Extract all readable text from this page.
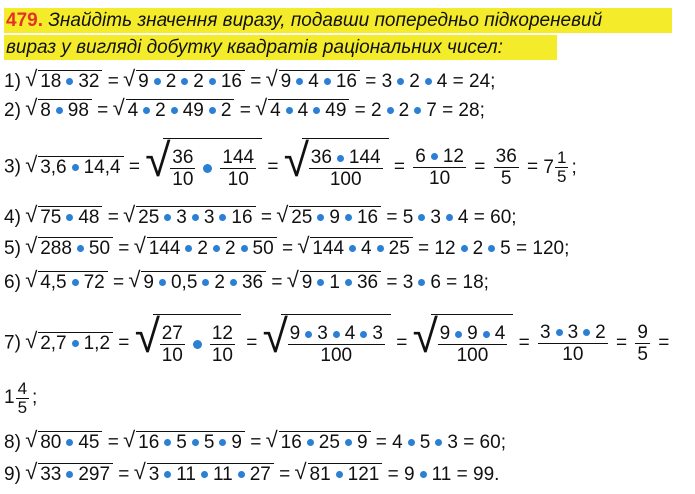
479. Знайдіть значення виразу, подавши попередньо підкореневий
вираз у вигляді добутку квадратів раціональних чисел:
1) √ 18 32 = √ 9 2 2 16 = √ 9 4 16 = 3 2 4 = 24;
2) √ 8 98 = √ 4 2 49 2 = √ 4 4 49 = 2 2 7 = 28;
3) √ 3,6 14,4 = √ $\frac{36}{10} \frac{144}{10}$ = √ $\frac{36 144}{100} = \frac{6 12}{10} = \frac{36}{5} = 7$ 1
5 ;
4) √ 75 48 = √ 25 3 3 16 = √ 25 9 16 = 5 3 4 = 60;
5) √ 288 50 = √ 144 2 2 50 = √ 144 4 25 = 12 2 5 = 120;
6) √ 4,5 72 = √ 9 0,5 2 36 = √ 9 1 36 = 3 6 = 18;
7) √ 2,7 1,2 = √ $\frac{27}{10} \frac{12}{10}$ = √ $\frac{9 3 4 3}{100}$ = √ $\frac{9 9 4}{100} = \frac{3 3 2}{10} = \frac{9}{5}$ =
1 4
5 ;
8) √ 80 45 = √ 16 5 5 9 = √ 16 25 9 = 4 5 3 = 60;
9) √ 33 297 = √ 3 11 11 27 = √ 81 121 = 9 11 = 99.
